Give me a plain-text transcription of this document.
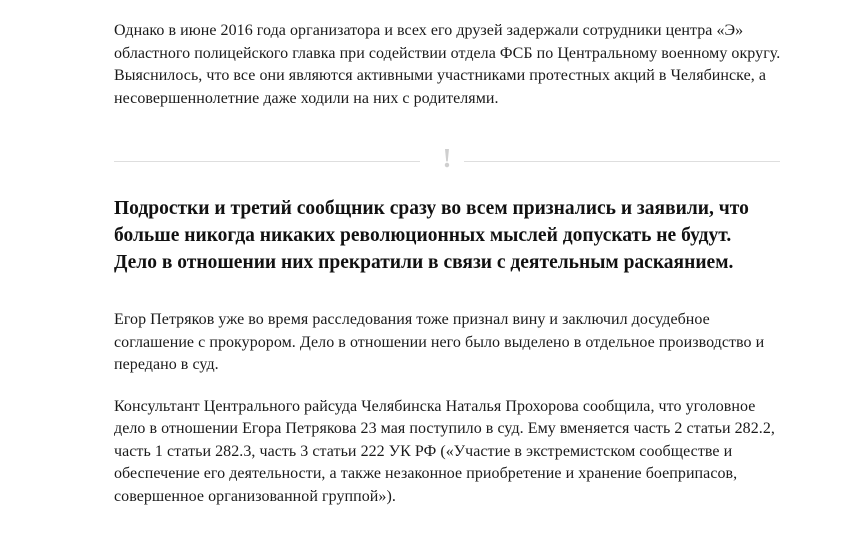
Однако в июне 2016 года организатора и всех его друзей задержали сотрудники центра «Э» областного полицейского главка при содействии отдела ФСБ по Центральному военному округу. Выяснилось, что все они являются активными участниками протестных акций в Челябинске, а несовершеннолетние даже ходили на них с родителями.

!

Подростки и третий сообщник сразу во всем признались и заявили, что больше никогда никаких революционных мыслей допускать не будут. Дело в отношении них прекратили в связи с деятельным раскаянием.

Егор Петряков уже во время расследования тоже признал вину и заключил досудебное соглашение с прокурором. Дело в отношении него было выделено в отдельное производство и передано в суд.

Консультант Центрального райсуда Челябинска Наталья Прохорова сообщила, что уголовное дело в отношении Егора Петрякова 23 мая поступило в суд. Ему вменяется часть 2 статьи 282.2, часть 1 статьи 282.3, часть 3 статьи 222 УК РФ («Участие в экстремистском сообществе и обеспечение его деятельности, а также незаконное приобретение и хранение боеприпасов, совершенное организованной группой»).
